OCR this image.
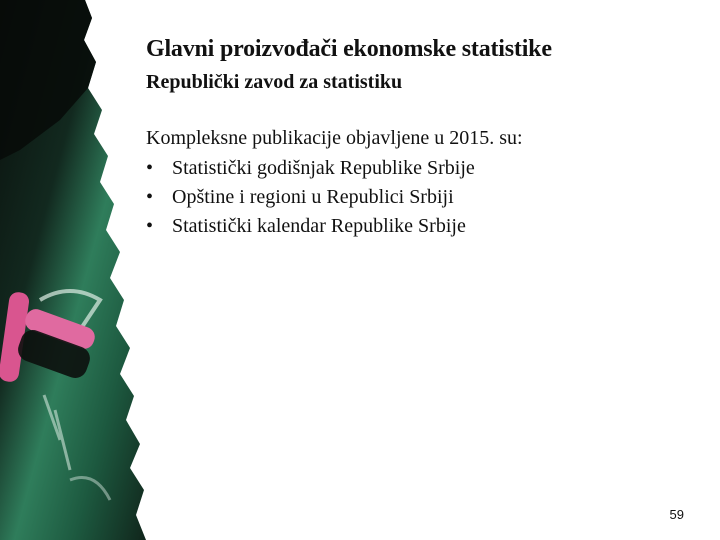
Glavni proizvođači ekonomske statistike
Republički zavod za statistiku

Kompleksne publikacije objavljene u 2015. su:

• Statistički godišnjak Republike Srbije
• Opštine i regioni u Republici Srbiji
• Statistički kalendar Republike Srbije
59
